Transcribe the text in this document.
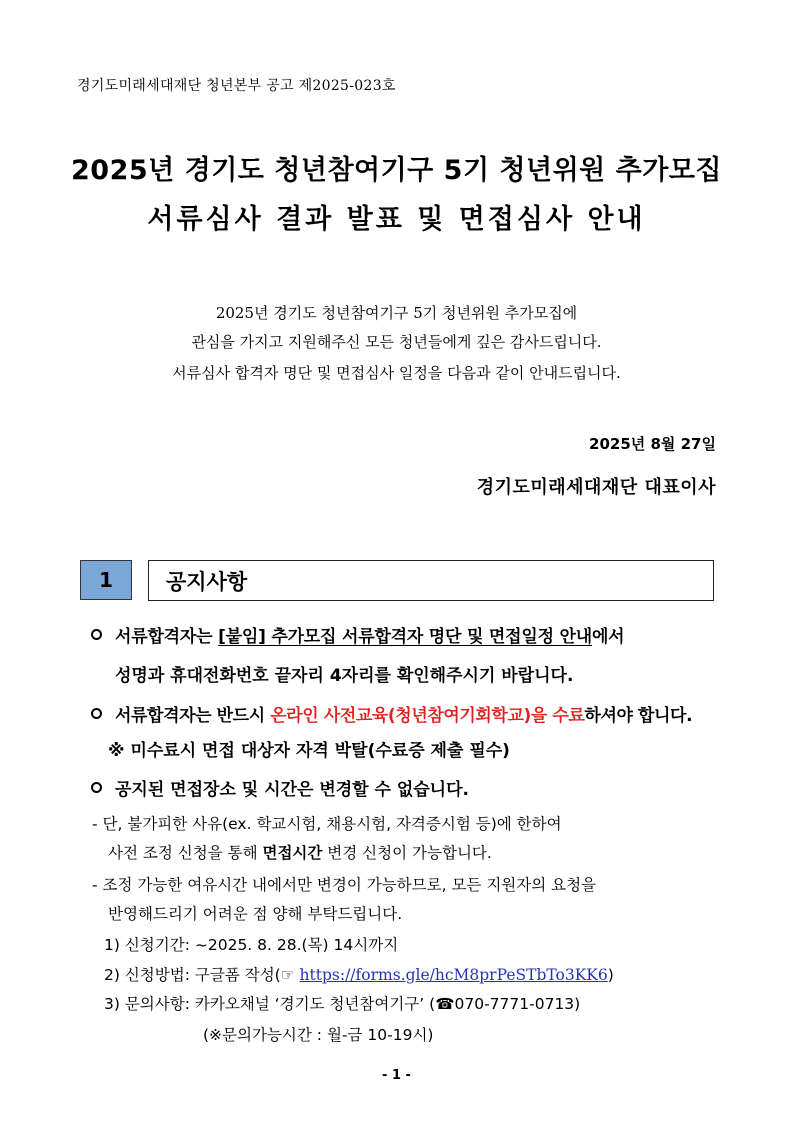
경기도미래세대재단 청년본부 공고 제2025-023호
2025년 경기도 청년참여기구 5기 청년위원 추가모집
서류심사 결과 발표 및 면접심사 안내
2025년 경기도 청년참여기구 5기 청년위원 추가모집에
관심을 가지고 지원해주신 모든 청년들에게 깊은 감사드립니다.
서류심사 합격자 명단 및 면접심사 일정을 다음과 같이 안내드립니다.
2025년 8월 27일
경기도미래세대재단 대표이사
1	공지사항
서류합격자는 [붙임] 추가모집 서류합격자 명단 및 면접일정 안내에서
성명과 휴대전화번호 끝자리 4자리를 확인해주시기 바랍니다.
서류합격자는 반드시 온라인 사전교육(청년참여기회학교)을 수료하셔야 합니다.
※ 미수료시 면접 대상자 자격 박탈(수료증 제출 필수)
공지된 면접장소 및 시간은 변경할 수 없습니다.
- 단, 불가피한 사유(ex. 학교시험, 채용시험, 자격증시험 등)에 한하여
사전 조정 신청을 통해 면접시간 변경 신청이 가능합니다.
- 조정 가능한 여유시간 내에서만 변경이 가능하므로, 모든 지원자의 요청을
반영해드리기 어려운 점 양해 부탁드립니다.
1) 신청기간: ~2025. 8. 28.(목) 14시까지
2) 신청방법: 구글폼 작성(☞ https://forms.gle/hcM8prPeSTbTo3KK6)
3) 문의사항: 카카오채널 ‘경기도 청년참여기구’ (☎070-7771-0713)
(※문의가능시간 : 월-금 10-19시)
- 1 -
